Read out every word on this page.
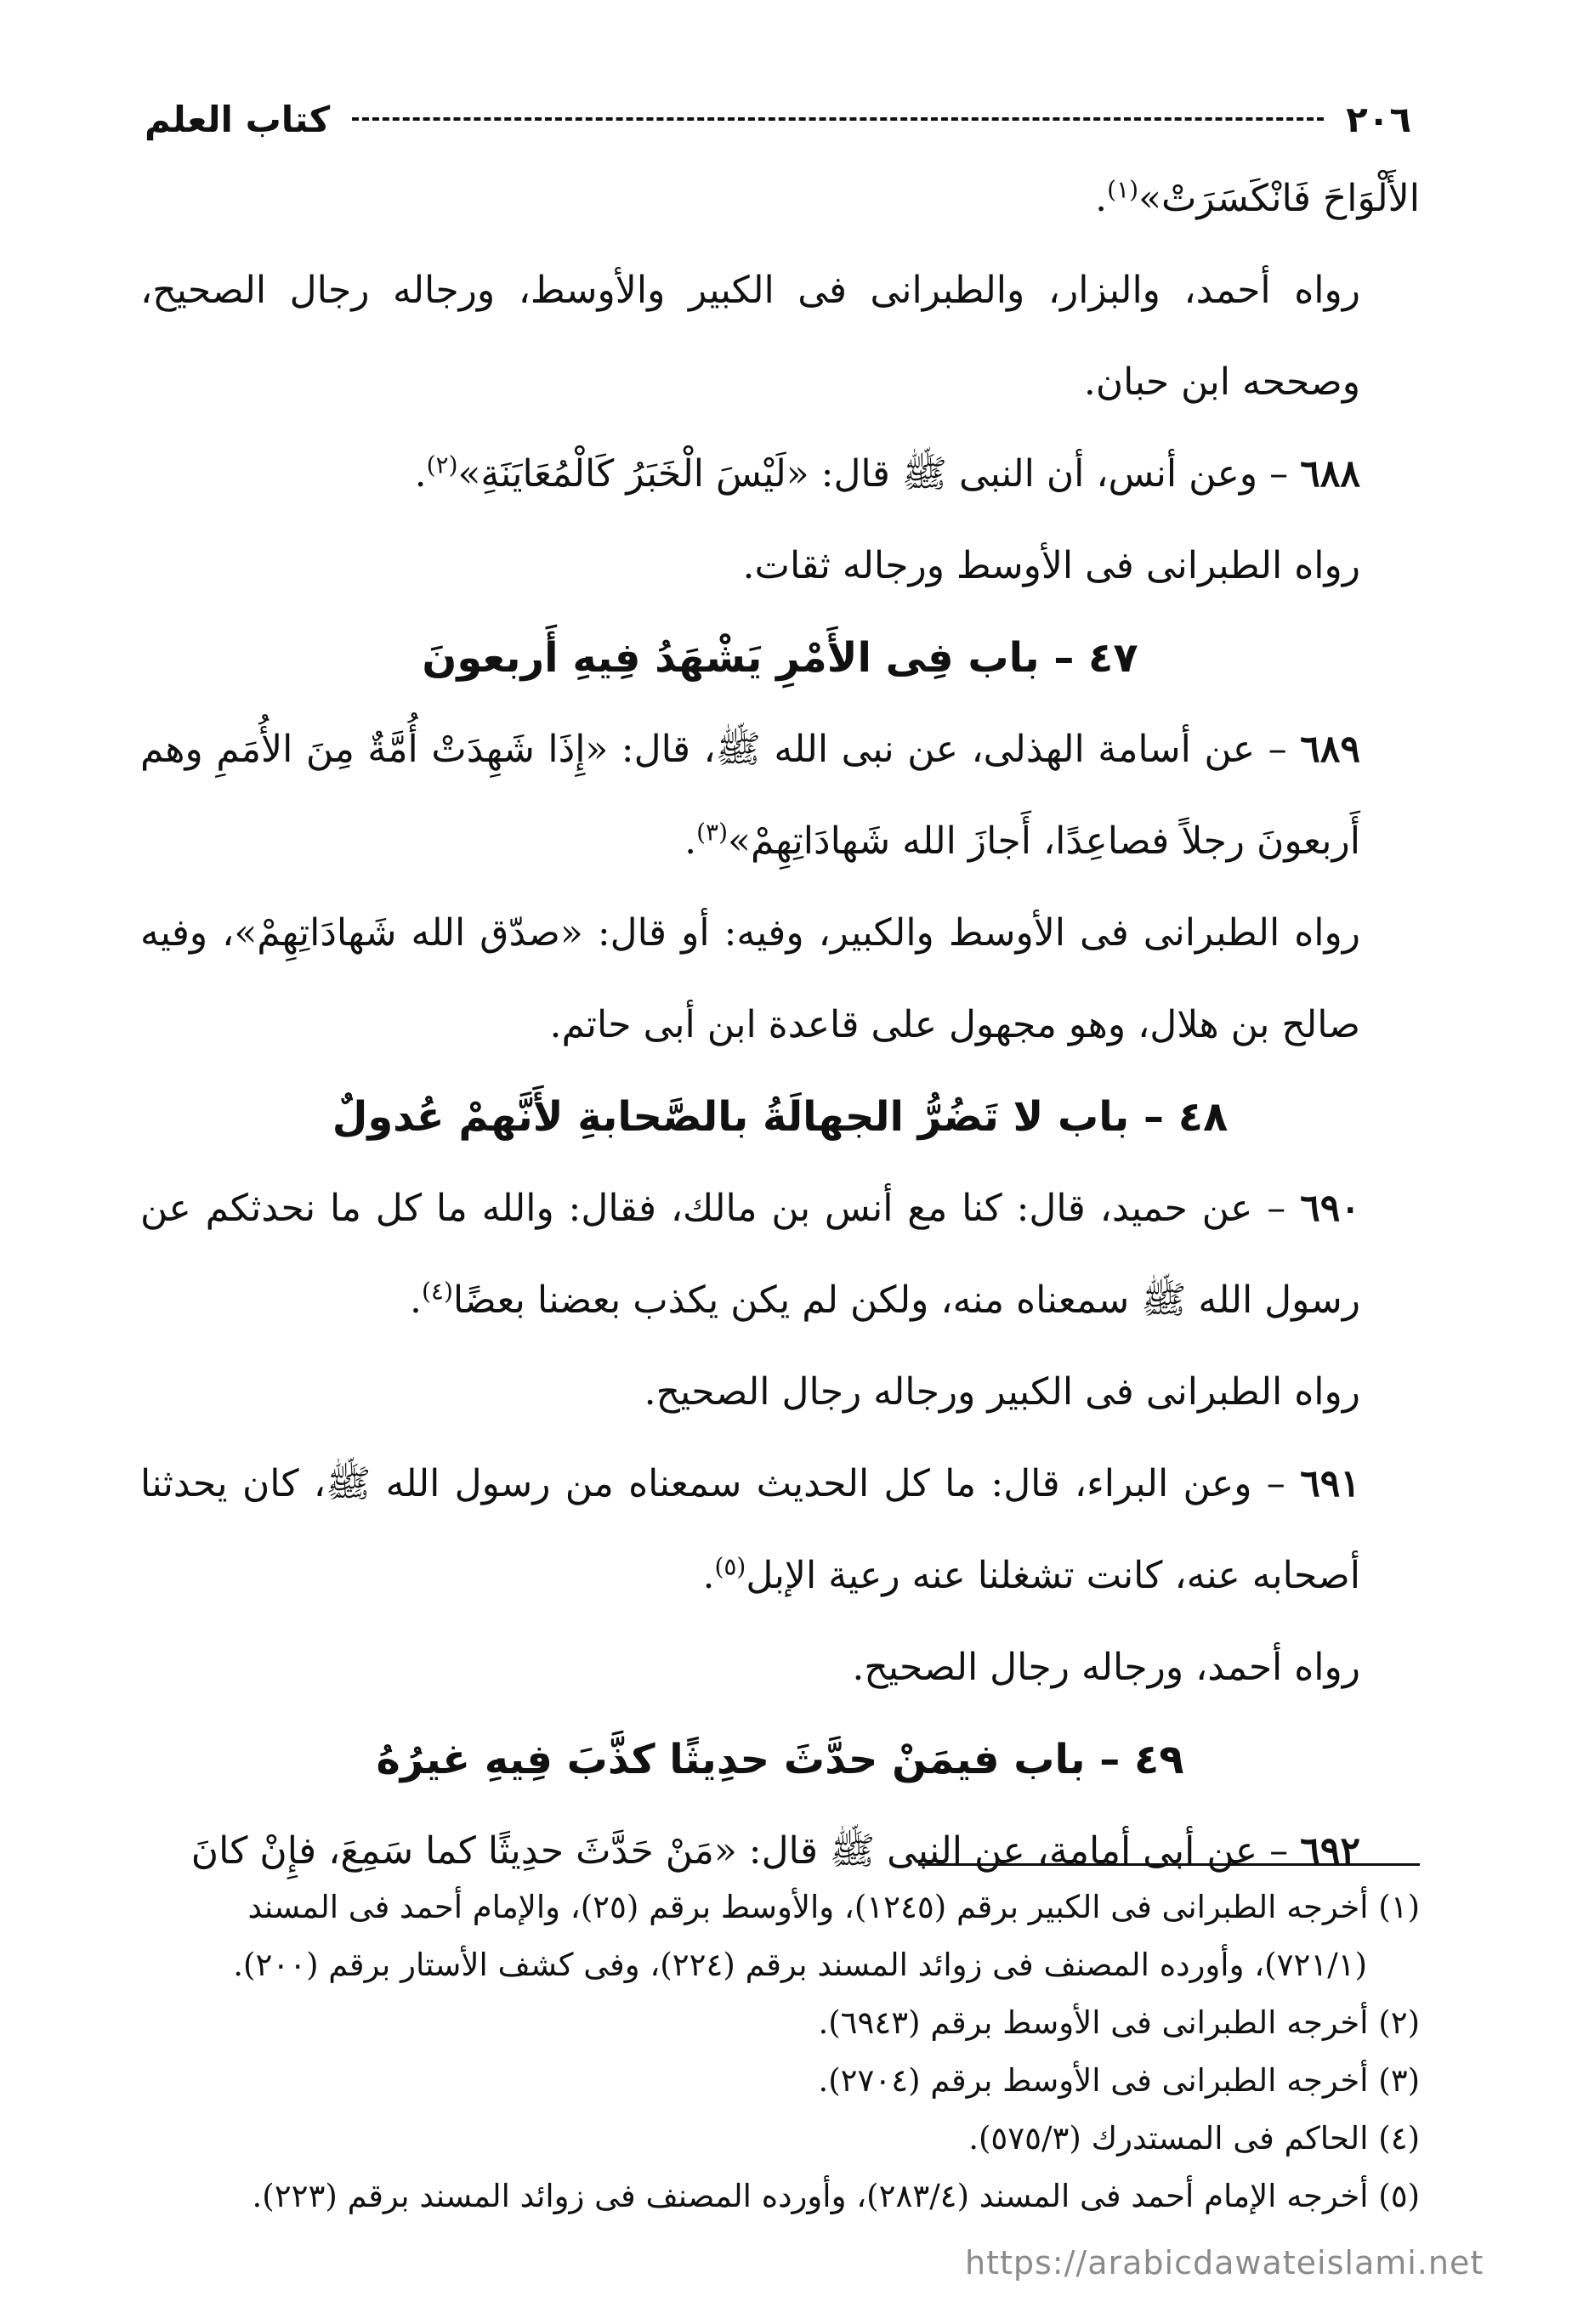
٢٠٦
كتاب العلم

الأَلْوَاحَ فَانْكَسَرَتْ»$^{(١)}$.

رواه أحمد، والبزار، والطبرانى فى الكبير والأوسط، ورجاله رجال الصحيح، وصححه ابن حبان.

٦٨٨ – وعن أنس، أن النبى ﷺ قال: «لَيْسَ الْخَبَرُ كَالْمُعَايَنَةِ»$^{(٢)}$.

رواه الطبرانى فى الأوسط ورجاله ثقات.

٤٧ – باب فِى الأَمْرِ يَشْهَدُ فِيهِ أَربعونَ

٦٨٩ – عن أسامة الهذلى، عن نبى الله ﷺ، قال: «إِذَا شَهِدَتْ أُمَّةٌ مِنَ الأُمَمِ وهم أَربعونَ رجلاً فصاعِدًا، أَجازَ الله شَهادَاتِهِمْ»$^{(٣)}$.

رواه الطبرانى فى الأوسط والكبير، وفيه: أو قال: «صدّق الله شَهادَاتِهِمْ»، وفيه صالح بن هلال، وهو مجهول على قاعدة ابن أبى حاتم.

٤٨ – باب لا تَضُرُّ الجهالَةُ بالصَّحابةِ لأَنَّهمْ عُدولٌ

٦٩٠ – عن حميد، قال: كنا مع أنس بن مالك، فقال: والله ما كل ما نحدثكم عن رسول الله ﷺ سمعناه منه، ولكن لم يكن يكذب بعضنا بعضًا$^{(٤)}$.

رواه الطبرانى فى الكبير ورجاله رجال الصحيح.

٦٩١ – وعن البراء، قال: ما كل الحديث سمعناه من رسول الله ﷺ، كان يحدثنا أصحابه عنه، كانت تشغلنا عنه رعية الإبل$^{(٥)}$.

رواه أحمد، ورجاله رجال الصحيح.

٤٩ – باب فيمَنْ حدَّثَ حدِيثًا كذَّبَ فِيهِ غيرُهُ

٦٩٢ – عن أبى أمامة، عن النبى ﷺ قال: «مَنْ حَدَّثَ حدِيثًا كما سَمِعَ، فإِنْ كانَ

(١) أخرجه الطبرانى فى الكبير برقم (١٢٤٥)، والأوسط برقم (٢٥)، والإمام أحمد فى المسند

(٧٢١/١)، وأورده المصنف فى زوائد المسند برقم (٢٢٤)، وفى كشف الأستار برقم (٢٠٠).

(٢) أخرجه الطبرانى فى الأوسط برقم (٦٩٤٣).

(٣) أخرجه الطبرانى فى الأوسط برقم (٢٧٠٤).

(٤) الحاكم فى المستدرك (٥٧٥/٣).

(٥) أخرجه الإمام أحمد فى المسند (٢٨٣/٤)، وأورده المصنف فى زوائد المسند برقم (٢٢٣).

https://arabicdawateislami.net
